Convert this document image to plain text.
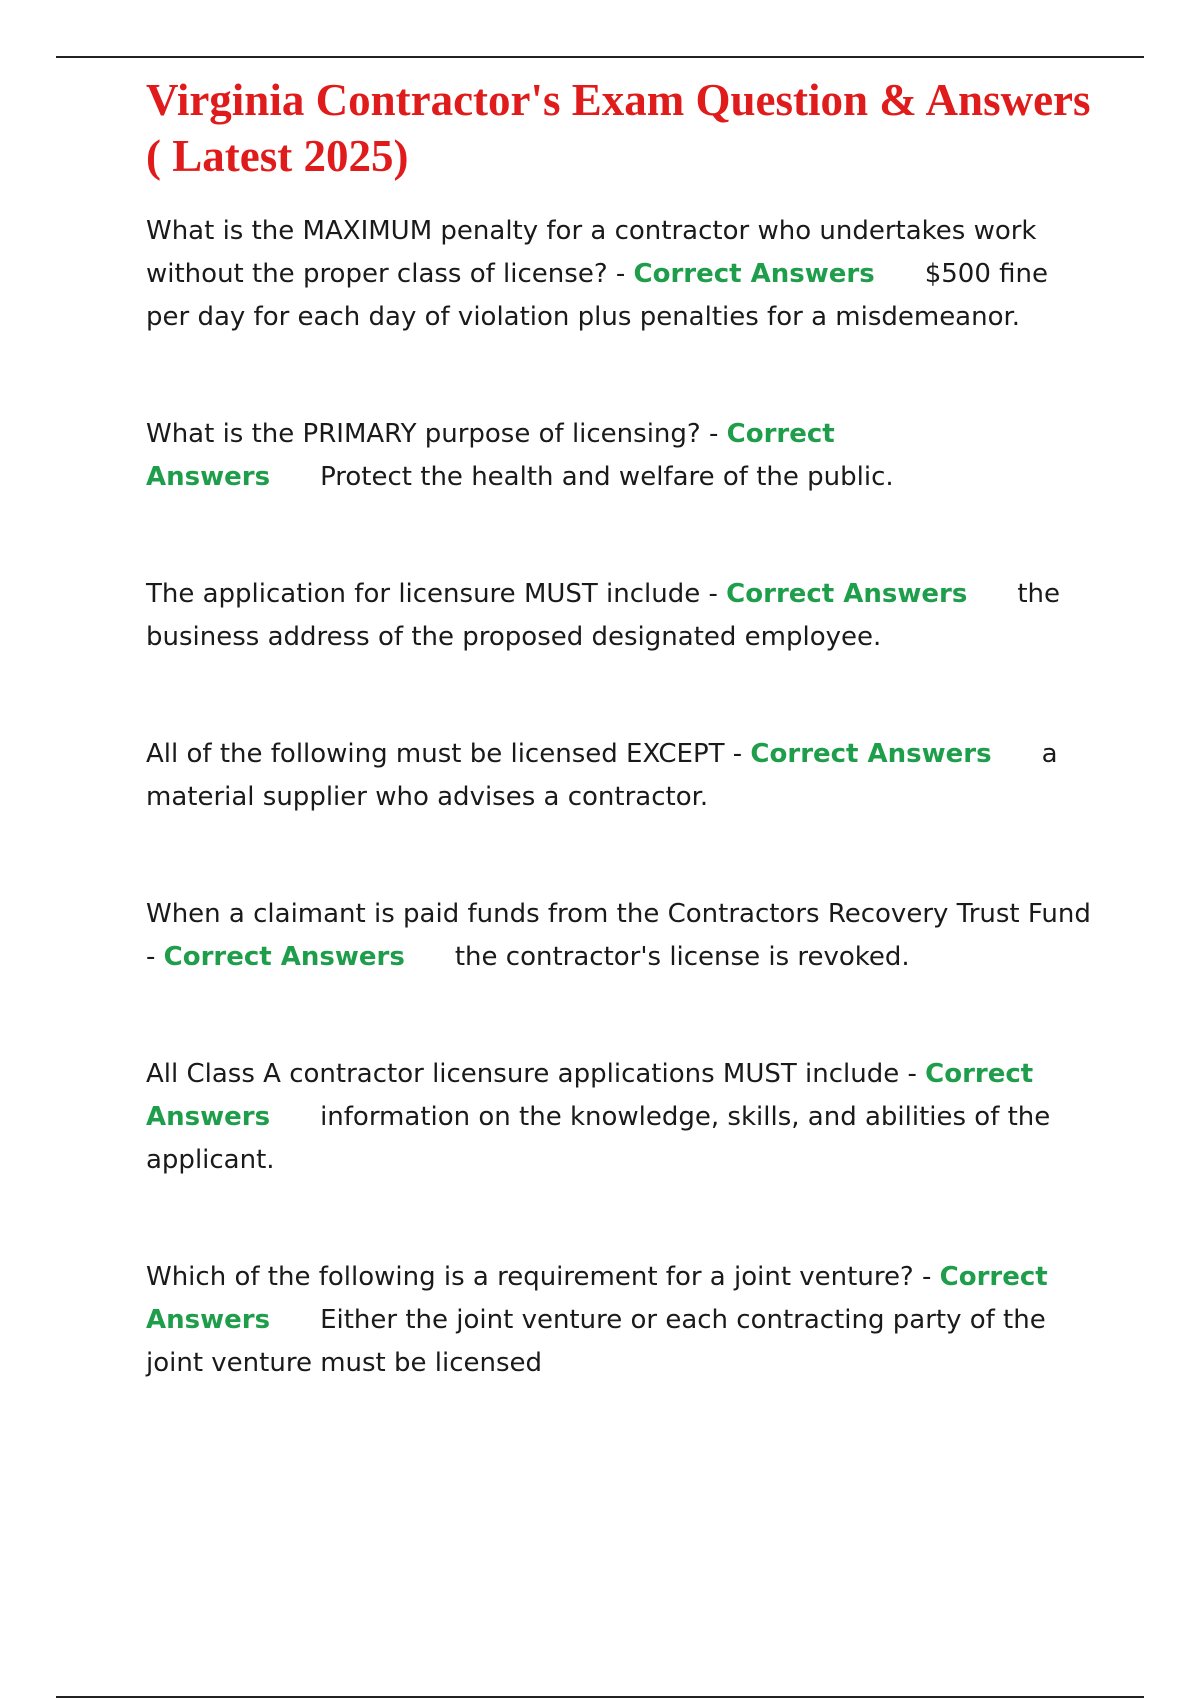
Virginia Contractor's Exam Question & Answers ( Latest 2025)

What is the MAXIMUM penalty for a contractor who undertakes work without the proper class of license? - Correct Answers $500 fine per day for each day of violation plus penalties for a misdemeanor.

What is the PRIMARY purpose of licensing? - Correct Answers Protect the health and welfare of the public.

The application for licensure MUST include - Correct Answers the business address of the proposed designated employee.

All of the following must be licensed EXCEPT - Correct Answers a material supplier who advises a contractor.

When a claimant is paid funds from the Contractors Recovery Trust Fund - Correct Answers the contractor's license is revoked.

All Class A contractor licensure applications MUST include - Correct Answers information on the knowledge, skills, and abilities of the applicant.

Which of the following is a requirement for a joint venture? - Correct Answers Either the joint venture or each contracting party of the joint venture must be licensed
